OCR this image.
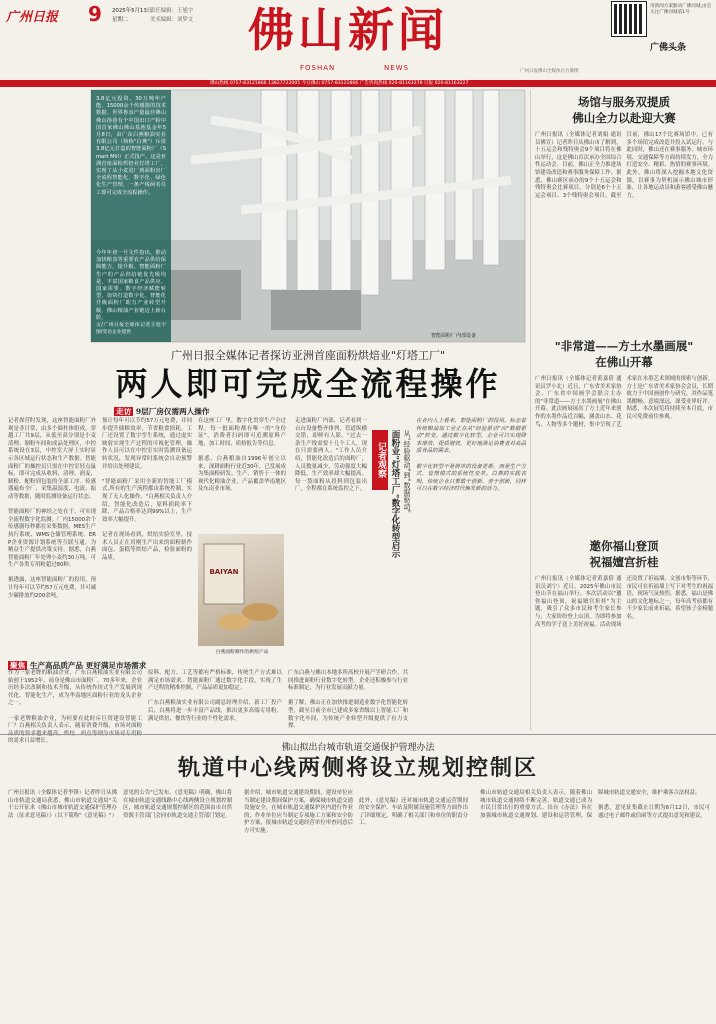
广州日报	9	2025年5月13日
星期二
责任编辑：王旭宇
美术编辑：刘梦文	佛山新闻
FOSHAN	NEWS	广州日报佛山全媒体官方微博
用新闻方案勤动广佛同城,由是关注广佛同城第1号
广佛头条
佛山热线 0757-83121866 13827722005 今日佛山 0757-83121866 广告咨询热线 020-81163278 订报 020-81163227
智能面粉厂内部设备

3.8亿元投资、30万吨年产能、15000余个传感器的技术数据、世界鲁食产量最佳佛山佛山扬巷有个中国出口产粉中国首家佛山佛山基地基金年5月8日，由广东白燕粮油实业有限公司（简称"白燕"）斥资3.8亿元打造的智能面粉厂（Smart Mill）正式投产。这是亚洲首座面粉烘焙业灯塔工厂，实现了从小麦进厂到面粉出厂全流程智能化、数字化、绿色化生产管理，一条产线两名员工即可完成全流程操作。

今年年初一号文件指出，推动加快粮食等重要农产品供给保障能力，提升粮、智能面粉厂生产的产品供给链优先级均是，丰富国家粮食产品供应、国家需要、数字经济赋能转型、加快打造数字化、智能化升级面粉厂助力产业转型升级，佛山粮油产业链迈上新台阶。

文/广州日报全媒体记者王旭宇 图/受访企业提供

广州日报全媒体记者探访亚洲首座面粉烘焙业"灯塔工厂"
两人即可完成全流程操作
走访 9层厂房仅需两人操作

记者探营时发现，这座智能面粉厂外观是非日常，由多个圆柱体组成。穿越工厂共9层，从低至高分别是小麦清理、制粉车间和成品处理区，中控系统设在3层，中控室大屏上实时显示各区域运行状态和生产数据。智能面粉厂的操控员只需在中控室轻点鼠标，即可完成从收料、清理、润麦、制粉、配粉到包装的全部工序。传感器遍布全厂，采集温湿度、电流、振动等数据，随时监测设备运行状态。

智能面粉厂的神经之处在于，可实现全流程数字化监测。厂内15000余个传感器每秒都在采集数据，MES生产执行系统、WMS仓储管理系统、ERP企业资源计划系统等互联互通，为精益生产提供决策支持。据悉，白燕智能面粉厂年处理小麦约30万吨，可生产各类专用粉超过80种。

据透露，这座智能面粉厂的投用，预计每年可以节约57万元电费，并可减少碳排放约200余吨。

预计每年可以节约57万元电费，并同步提升储粮效率，节省粮食损耗。工厂还设置了数字孪生系统，通过虚实映射实现生产过程的可视化管理，操作人员可以在中控室实时监测设备运转状况，发现异常时系统会自动预警并给出处理建议。

"智能面粉厂采用全新的智能工厂模式,所有的生产流程都由系统控制，实现了无人化操作。"白燕相关负责人介绍，智能化改造后，原料损耗率下降，产品合格率达到99%以上，生产效率大幅提升。

记者在现场看到，烘焙实验室里，技术人员正在用刚生产出来的面粉制作面包、蛋糕等烘焙产品，检验面粉的品质。

在这座工厂里，数字化贯穿生产全过程。每一批面粉都有唯一的"身份证"，消费者扫码即可追溯原料产地、加工时间、质检报告等信息。

据悉，白燕粮油自1996年创立以来，深耕面粉行业近30年，已发展成为集面粉研发、生产、销售于一体的现代化粮油企业，产品覆盖华南地区及东南亚市场。

BAIYAN
白燕面粉制作的烘焙产品
聚焦 生产高品质产品 更好满足市场需求

走进面粉厂内部，记者看到一台台设备整齐排列，管道纵横交错，却鲜有人影。"过去一条生产线需要十几个工人，现在只需要两人。"工作人员介绍，智能化改造后的面粉厂，人员数量减少，劳动强度大幅降低，生产效率却大幅提高。每一袋面粉从投料到包装出厂，全程都在系统监控之下。

记者观察 面粉业"灯塔工厂"数字化转型启示 从"经验驱动"到"数据驱动"

在业内人士看来，智能面粉厂的投用，标志着传统粮油加工业正在从"经验驱动"向"数据驱动"转变。通过数字化转型，企业可以实现降本增效、提质增效，更好地满足消费者对高品质食品的需求。

数字化转型不是简单的设备更新，而是生产方式、管理模式的系统性变革。白燕的实践表明，传统企业只要敢于创新、善于创新，同样可以在数字经济时代焕发新的活力。

作为一家老牌的粮油企业，广东白燕粮油实业有限公司始创于1952年，前身是佛山市面粉厂。70多年来，企业历经多次改制和技术升级，从传统作坊式生产发展到现代化、智能化生产，成为华南地区面粉行业的龙头企业之一。

一家老牌粮油企业，为何要在此时斥巨资建设智能工厂？白燕相关负责人表示，随着消费升级，市场对面粉 的需求日益增长。

原料、配方、工艺等都有严格标准，传统生产方式难以满足市场需求。智能面粉厂通过数字化手段，实现了生产过程的精准控制，产品品质更加稳定。

广东白燕粮油实业有限公司副总经理介绍，新工厂投产后，白燕将进一步丰富产品线，推出更多高端专用粉，满足烘焙、餐饮等行业的个性化需求。

广东白燕与佛山本地多所高校开展产学研合作，共同推进面粉行业数字化转型。企业还积极参与行业标准制定，为行业发展贡献力量。

据了解，佛山正在加快推进制造业数字化智能化转型，截至目前全市已建成多家省级以上智能工厂和数字化车间，为传统产业转型升级提供了有力支撑。

场馆与服务双提质
佛山全力以赴迎大赛

广州日报讯（全媒体记者刘娟 通讯员佛宣）记者昨日从佛山市了解到，十五运会和残特奥会9个项目将在佛山举行，这是佛山首次承办全国综合性运动会。目前，佛山正全力推进场馆建设改造和赛事服务保障工作。据悉，佛山赛区承办的9个十五运会和残特奥会比赛项目，分别是6个十五运会项目、3个残特奥会项目。截至目前，佛山17个比赛场馆中，已有多个场馆完成改造并投入试运行。与此同时，佛山还在赛事服务、城市环境、交通保障等方面持续发力，全力打造安全、精彩、热情的赛事环境。此外，佛山将深入挖掘本地文化资源，以赛事为契机展示佛山城市形象，让各地运动员和游客感受佛山魅力。

"非常道——方土水墨画展"
在佛山开幕

广州日报讯（全媒体记者黄嘉倩 通讯员罗小北）近日，广东省美术家协会、广东省中国画学会联合主办的"非常道——方土水墨画展"在佛山开幕。此次画展展出了方土近年来创作的水墨作品近百幅，涵盖山水、花鸟、人物等多个题材，集中呈现了艺术家在水墨艺术领域的探索与创新。方土是广东省美术家协会会员，长期致力于中国画创作与研究，其作品笔墨酣畅、意境深远，深受业界好评。据悉，本次展览将持续至本月底，市民可免费前往参观。

邀你福山登顶
祝福嬗宫折桂

广州日报讯（全媒体记者黄嘉倩 通讯员刘宁）近日，2025年佛山市民登山节在福山举行。本次活动以"邀你福山登顶，祝福嬗宫折桂"为主题，吸引了众多市民和考生家长参与，大家纷纷登上山顶，为即将参加高考的学子送上美好祝福。活动现场还设置了祈福墙、文创市集等环节，市民可在祈福墙上写下对考生的祝福语，现场气氛热烈。据悉，福山是佛山的文化地标之一，每年高考前都有不少家长前来祈福，希望孩子金榜题名。

佛山拟出台城市轨道交通保护管理办法
轨道中心线两侧将设立规划控制区

广州日报讯（全媒体记者李锋）记者昨日从佛山市轨道交通局获悉，佛山市轨道交通局"关于公开征求《佛山市城市轨道交通保护管理办法（征求意见稿）》（以下简称"《意见稿》"）意见的公告"已发布。《意见稿》明确，佛山将在城市轨道交通线路中心线两侧设立规划控制区，城市轨道交通规划控制区的范围由市自然资源主管部门会同市轨道交通主管部门划定。

据介绍，城市轨道交通建设期间，建设单位应当制定建设期间保护方案，确保城市轨道交通设施安全。在城市轨道交通保护区内进行作业的，作业单位应当制定专项施工方案和安全防护方案，报城市轨道交通经营单位审查同意后方可实施。

此外，《意见稿》还对城市轨道交通运营期间的安全保护、车站及附属设施管理等方面作出了详细规定，明确了相关部门和单位的职责分工。

佛山市轨道交通局相关负责人表示，随着佛山城市轨道交通网络不断完善，轨道交通已成为市民日常出行的重要方式。出台《办法》旨在加强城市轨道交通规划、建设和运营管理，保障城市轨道交通安全，维护乘客合法权益。

据悉，意见征集截止日期为6月12日，市民可通过电子邮件或信函等方式提出意见和建议。
